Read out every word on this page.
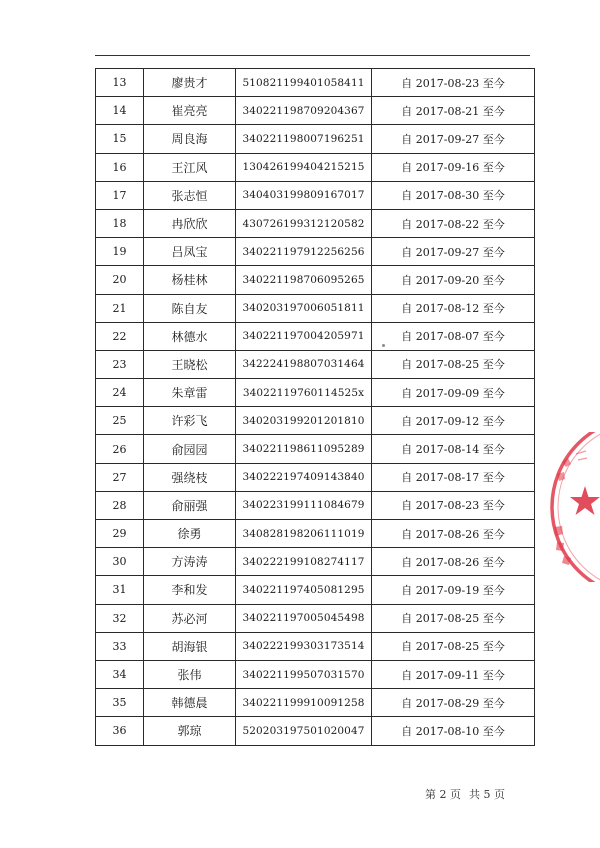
13	廖贵才	510821199401058411	自 2017-08-23 至今
14	崔亮亮	340221198709204367	自 2017-08-21 至今
15	周良海	340221198007196251	自 2017-09-27 至今
16	王江风	130426199404215215	自 2017-09-16 至今
17	张志恒	340403199809167017	自 2017-08-30 至今
18	冉欣欣	430726199312120582	自 2017-08-22 至今
19	吕凤宝	340221197912256256	自 2017-09-27 至今
20	杨桂林	340221198706095265	自 2017-09-20 至今
21	陈自友	340203197006051811	自 2017-08-12 至今
22	林德水	340221197004205971	自 2017-08-07 至今
23	王晓松	342224198807031464	自 2017-08-25 至今
24	朱章雷	34022119760114525x	自 2017-09-09 至今
25	许彩飞	340203199201201810	自 2017-09-12 至今
26	俞园园	340221198611095289	自 2017-08-14 至今
27	强绕枝	340222197409143840	自 2017-08-17 至今
28	俞丽强	340223199111084679	自 2017-08-23 至今
29	徐勇	340828198206111019	自 2017-08-26 至今
30	方涛涛	340222199108274117	自 2017-08-26 至今
31	李和发	340221197405081295	自 2017-09-19 至今
32	苏必河	340221197005045498	自 2017-08-25 至今
33	胡海银	340222199303173514	自 2017-08-25 至今
34	张伟	340221199507031570	自 2017-09-11 至今
35	韩德晨	340221199910091258	自 2017-08-29 至今
36	郭琼	520203197501020047	自 2017-08-10 至今
第 2 页 共 5 页
